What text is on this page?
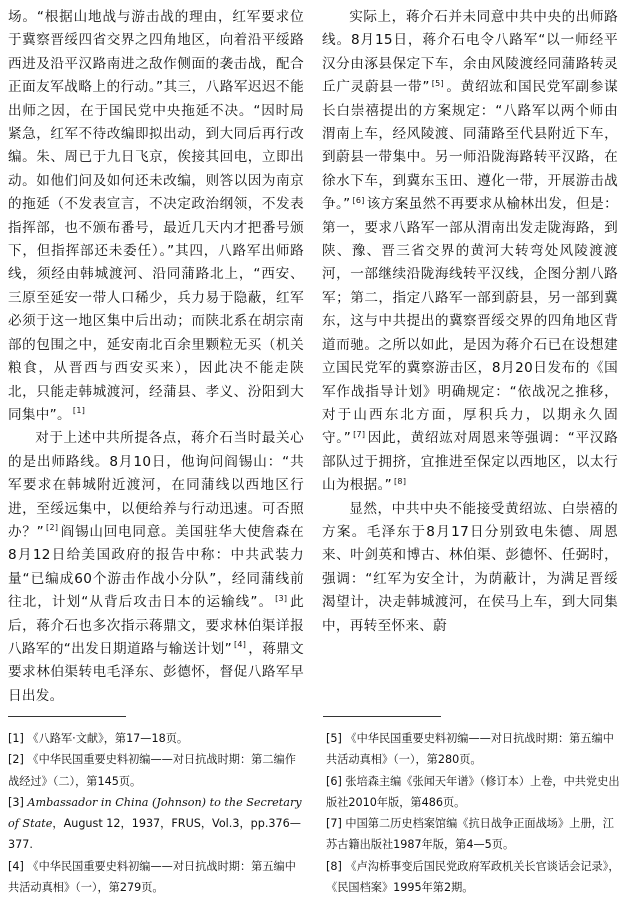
场。“根据山地战与游击战的理由，红军要求位于冀察晋绥四省交界之四角地区，向着沿平绥路西进及沿平汉路南进之敌作侧面的袭击战，配合正面友军战略上的行动。”其三，八路军迟迟不能出师之因，在于国民党中央拖延不决。“因时局紧急，红军不待改编即拟出动，到大同后再行改编。朱、周已于九日飞京，俟接其回电，立即出动。如他们问及如何还未改编，则答以因为南京的拖延（不发表宣言，不决定政治纲领，不发表指挥部，也不颁布番号，最近几天内才把番号颁下，但指挥部还未委任）。”其四，八路军出师路线，须经由韩城渡河、沿同蒲路北上，“西安、三原至延安一带人口稀少，兵力易于隐蔽，红军必须于这一地区集中后出动；而陕北系在胡宗南部的包围之中，延安南北百余里颗粒无买（机关粮食，从晋西与西安买来），因此决不能走陕北，只能走韩城渡河，经蒲县、孝义、汾阳到大同集中”。 [1]

对于上述中共所提各点，蒋介石当时最关心的是出师路线。8月10日，他询问阎锡山：“共军要求在韩城附近渡河，在同蒲线以西地区行进，至绥远集中，以便给养与行动迅速。可否照办？” [2] 阎锡山回电同意。美国驻华大使詹森在8月12日给美国政府的报告中称：中共武装力量“已编成60个游击作战小分队”，经同蒲线前往北，计划“从背后攻击日本的运输线”。 [3] 此后，蒋介石也多次指示蒋鼎文，要求林伯渠详报八路军的“出发日期道路与输送计划” [4] ，蒋鼎文要求林伯渠转电毛泽东、彭德怀，督促八路军早日出发。

实际上，蒋介石并未同意中共中央的出师路线。8月15日，蒋介石电令八路军“以一师经平汉分由涿县保定下车，余由风陵渡经同蒲路转灵丘广灵蔚县一带” [5] 。黄绍竑和国民党军副参谋长白崇禧提出的方案规定：“八路军以两个师由渭南上车，经风陵渡、同蒲路至代县附近下车，到蔚县一带集中。另一师沿陇海路转平汉路，在徐水下车，到冀东玉田、遵化一带，开展游击战争。” [6] 该方案虽然不再要求从榆林出发，但是：第一，要求八路军一部从渭南出发走陇海路，到陕、豫、晋三省交界的黄河大转弯处风陵渡渡河，一部继续沿陇海线转平汉线，企图分割八路军；第二，指定八路军一部到蔚县，另一部到冀东，这与中共提出的冀察晋绥交界的四角地区背道而驰。之所以如此，是因为蒋介石已在设想建立国民党军的冀察游击区，8月20日发布的《国军作战指导计划》明确规定：“依战况之推移，对于山西东北方面，厚积兵力，以期永久固守。” [7] 因此，黄绍竑对周恩来等强调：“平汉路部队过于拥挤，宜推进至保定以西地区，以太行山为根据。” [8]

显然，中共中央不能接受黄绍竑、白崇禧的方案。毛泽东于8月17日分别致电朱德、周恩来、叶剑英和博古、林伯渠、彭德怀、任弼时，强调：“红军为安全计，为荫蔽计，为满足晋绥渴望计，决走韩城渡河，在侯马上车，到大同集中，再转至怀来、蔚

[1] 《八路军·文献》，第17—18页。

[2] 《中华民国重要史料初编——对日抗战时期：第二编作战经过》（二），第145页。

[3] Ambassador in China (Johnson) to the Secretary of State，August 12，1937，FRUS，Vol.3，pp.376—377.

[4] 《中华民国重要史料初编——对日抗战时期：第五编中共活动真相》（一），第279页。

[5] 《中华民国重要史料初编——对日抗战时期：第五编中共活动真相》（一），第280页。

[6] 张培森主编《张闻天年谱》（修订本）上卷，中共党史出版社2010年版，第486页。

[7] 中国第二历史档案馆编《抗日战争正面战场》上册，江苏古籍出版社1987年版，第4—5页。

[8] 《卢沟桥事变后国民党政府军政机关长官谈话会记录》，《民国档案》1995年第2期。
